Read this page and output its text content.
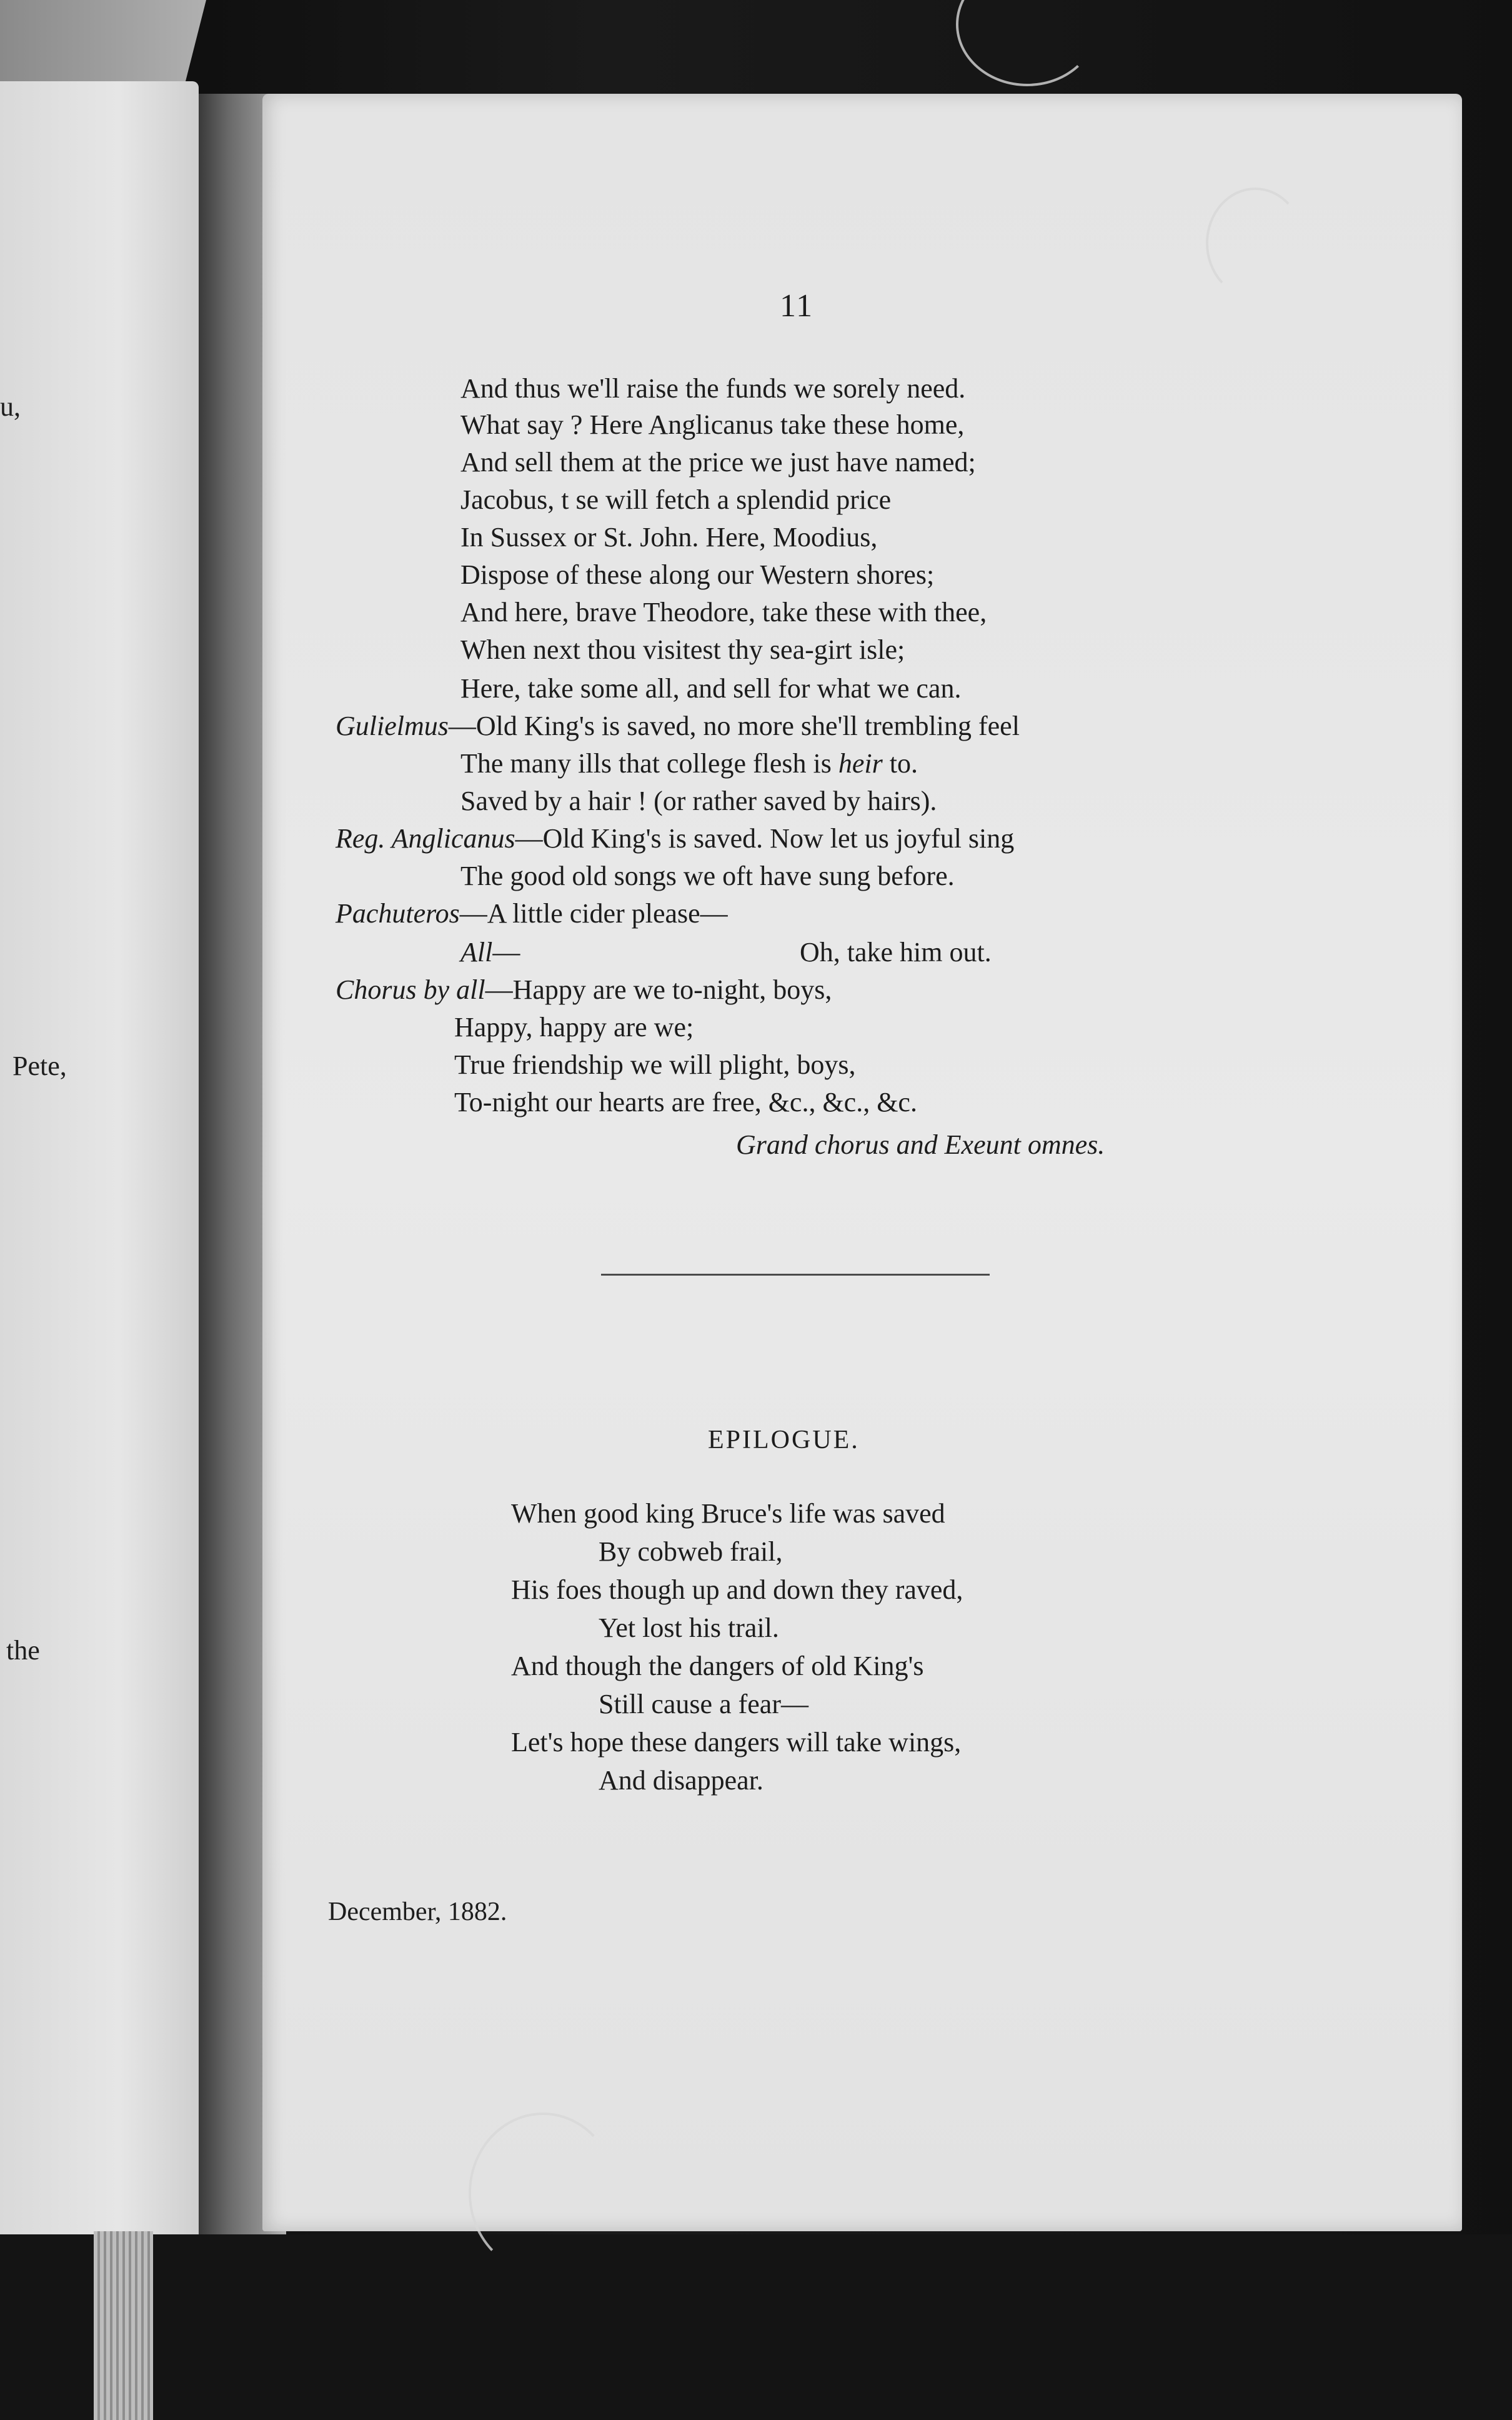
u,
Pete,
the
11
And thus we'll raise the funds we sorely need.
What say ? Here Anglicanus take these home,
And sell them at the price we just have named;
Jacobus, t se will fetch a splendid price
In Sussex or St. John. Here, Moodius,
Dispose of these along our Western shores;
And here, brave Theodore, take these with thee,
When next thou visitest thy sea-girt isle;
Here, take some all, and sell for what we can.
Gulielmus—Old King's is saved, no more she'll trembling feel
The many ills that college flesh is heir to.
Saved by a hair ! (or rather saved by hairs).
Reg. Anglicanus—Old King's is saved. Now let us joyful sing
The good old songs we oft have sung before.
Pachuteros—A little cider please—
All—	Oh, take him out.
Chorus by all—Happy are we to-night, boys,
Happy, happy are we;
True friendship we will plight, boys,
To-night our hearts are free, &c., &c., &c.
Grand chorus and Exeunt omnes.
EPILOGUE.
When good king Bruce's life was saved
By cobweb frail,
His foes though up and down they raved,
Yet lost his trail.
And though the dangers of old King's
Still cause a fear—
Let's hope these dangers will take wings,
And disappear.
December, 1882.
